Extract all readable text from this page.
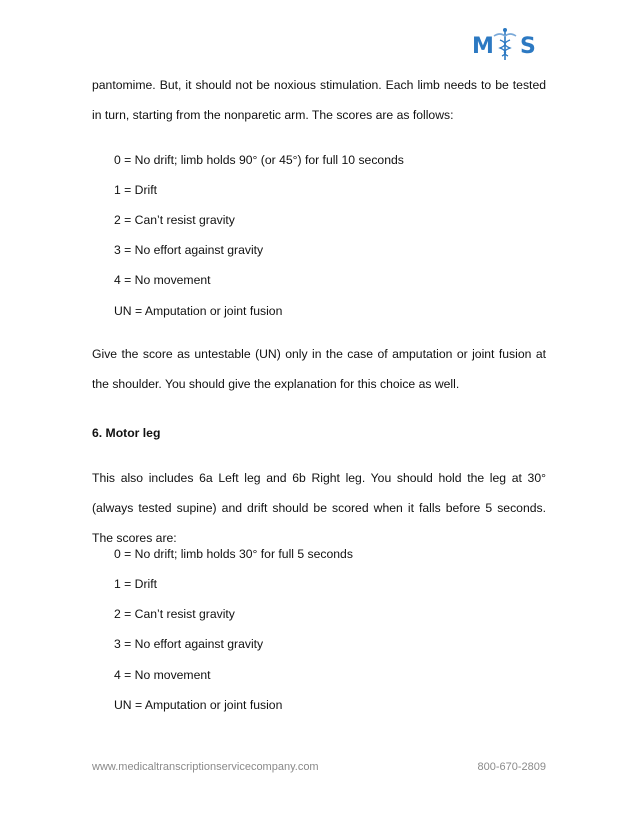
M S

pantomime. But, it should not be noxious stimulation. Each limb needs to be tested in turn, starting from the nonparetic arm. The scores are as follows:

0 = No drift; limb holds 90° (or 45°) for full 10 seconds

1 = Drift

2 = Can’t resist gravity

3 = No effort against gravity

4 = No movement

UN = Amputation or joint fusion

Give the score as untestable (UN) only in the case of amputation or joint fusion at the shoulder. You should give the explanation for this choice as well.

6. Motor leg

This also includes 6a Left leg and 6b Right leg. You should hold the leg at 30° (always tested supine) and drift should be scored when it falls before 5 seconds. The scores are:

0 = No drift; limb holds 30° for full 5 seconds

1 = Drift

2 = Can’t resist gravity

3 = No effort against gravity

4 = No movement

UN = Amputation or joint fusion

www.medicaltranscriptionservicecompany.com	800-670-2809
